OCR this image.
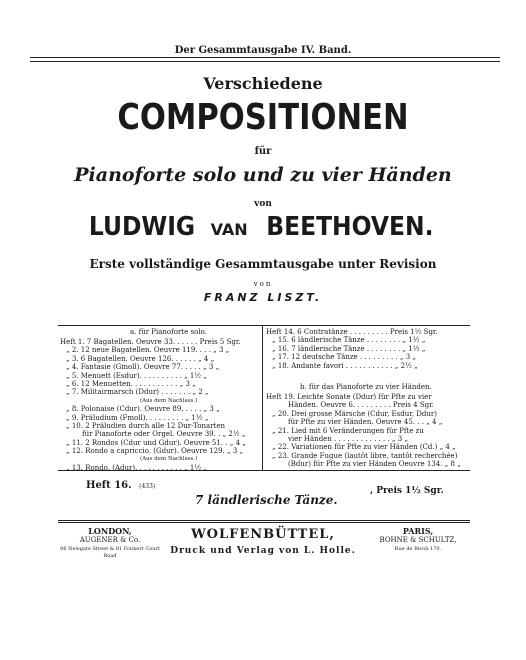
Der Gesammtausgabe IV. Band.
Verschiedene
COMPOSITIONEN
für
Pianoforte solo und zu vier Händen
von
LUDWIG VAN BEETHOVEN.
Erste vollständige Gesammtausgabe unter Revision
von
FRANZ LISZT.
a. für Pianoforte solo.
Heft 1. 7 Bagatellen. Oeuvre 33. . . . . . Preis 5 Sgr.
„ 2. 12 neue Bagatellen. Oeuvre 119. . . . „ 3 „
„ 3. 6 Bagatellen. Oeuvre 126. . . . . . „ 4 „
„ 4. Fantasie (Gmoll). Oeuvre 77. . . . . „ 3 „
„ 5. Menuett (Esdur). . . . . . . . . . „ 1½ „
„ 6. 12 Menuetten. . . . . . . . . . . „ 3 „
„ 7. Militairmarsch (Ddur) . . . . . . . „ 2 „
(Aus dem Nachlass.)
„ 8. Polonaise (Cdur). Oeuvre 89. . . . . „ 3 „
„ 9. Präludium (Fmoll). . . . . . . . . „ 1½ „
„ 10. 2 Präludien durch alle 12 Dur-Tonarten
für Pianoforte oder Orgel. Oeuvre 39. . „ 2½ „
„ 11. 2 Rondos (Cdur und Gdur). Oeuvre 51. . „ 4 „
„ 12. Rondo a capriccio. (Gdur). Oeuvre 129. „ 3 „
(Aus dem Nachlass.)
„ 13. Rondo. (Adur). . . . . . . . . . . „ 1½ „
Heft 14. 6 Contratänze . . . . . . . . . Preis 1½ Sgr.
„ 15. 6 ländlerische Tänze . . . . . . . . „ 1½ „
„ 16. 7 ländlerische Tänze . . . . . . . . „ 1½ „
„ 17. 12 deutsche Tänze . . . . . . . . . „ 3 „
„ 18. Andante favori . . . . . . . . . . . „ 2½ „
b. für das Pianoforte zu vier Händen.
Heft 19. Leichte Sonate (Ddur) für Pfte zu vier
Händen. Oeuvre 6. . . . . . . . . Preis 4 Sgr.
„ 20. Drei grosse Märsche (Cdur, Esdur, Ddur)
für Pfte zu vier Händen. Oeuvre 45. . . „ 4 „
„ 21. Lied mit 6 Veränderungen für Pfte zu
vier Händen . . . . . . . . . . . . . „ 3 „
„ 22. Variationen für Pfte zu vier Händen (Cd.) „ 4 „
„ 23. Grande Fugue (lautôt libre, tantôt recherchée)
(Bdur) für Pfte zu vier Händen Oeuvre 134. „ 8 „
Heft 16. (433)
7 ländlerische Tänze.
, Preis 1½ Sgr.
LONDON,
AUGENER & Co.
86 Newgate Street & 81 Foubert Court Road
WOLFENBÜTTEL,
Druck und Verlag von L. Holle.
PARIS,
BOHNE & SCHULTZ,
Rue de Rivoli 170.
